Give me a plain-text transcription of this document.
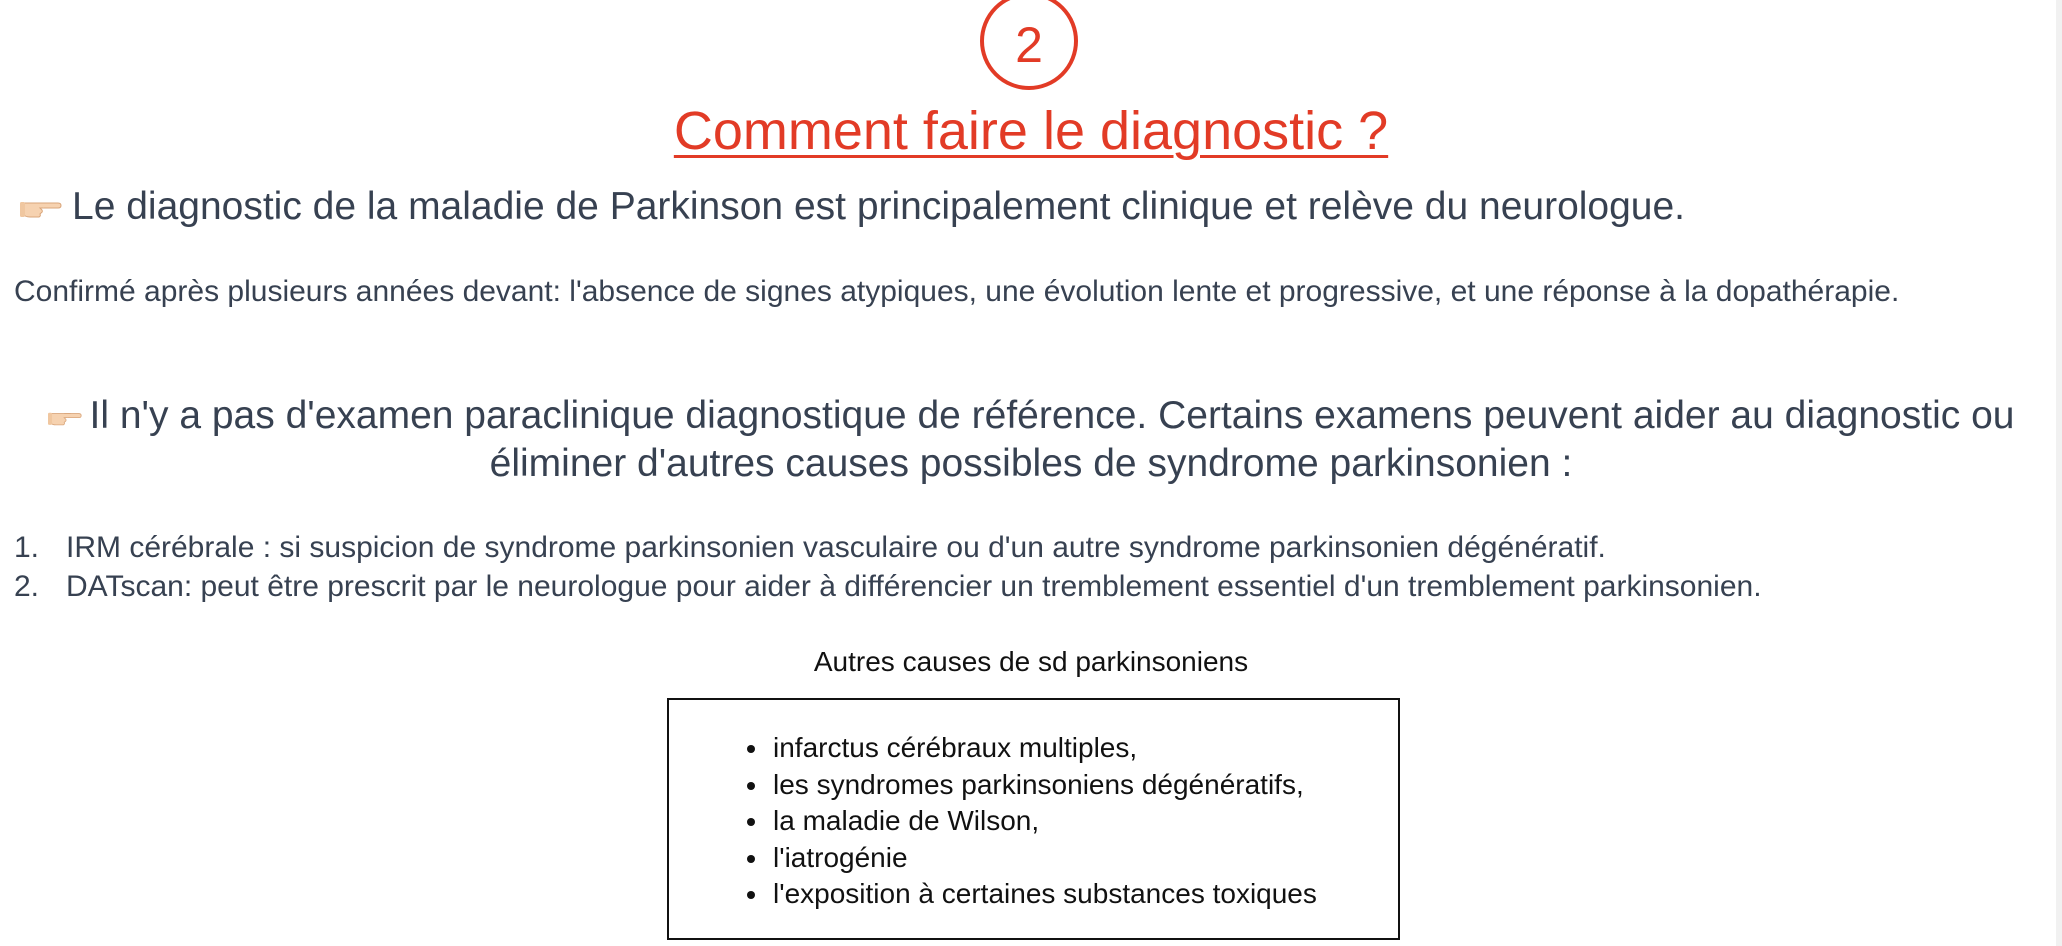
2
Comment faire le diagnostic ?
Le diagnostic de la maladie de Parkinson est principalement clinique et relève du neurologue.
Confirmé après plusieurs années devant: l'absence de signes atypiques, une évolution lente et progressive, et une réponse à la dopathérapie.
Il n'y a pas d'examen paraclinique diagnostique de référence. Certains examens peuvent aider au diagnostic ou éliminer d'autres causes possibles de syndrome parkinsonien :
1. IRM cérébrale : si suspicion de syndrome parkinsonien vasculaire ou d'un autre syndrome parkinsonien dégénératif.
2. DATscan: peut être prescrit par le neurologue pour aider à différencier un tremblement essentiel d'un tremblement parkinsonien.
Autres causes de sd parkinsoniens
infarctus cérébraux multiples,
les syndromes parkinsoniens dégénératifs,
la maladie de Wilson,
l'iatrogénie
l'exposition à certaines substances toxiques
